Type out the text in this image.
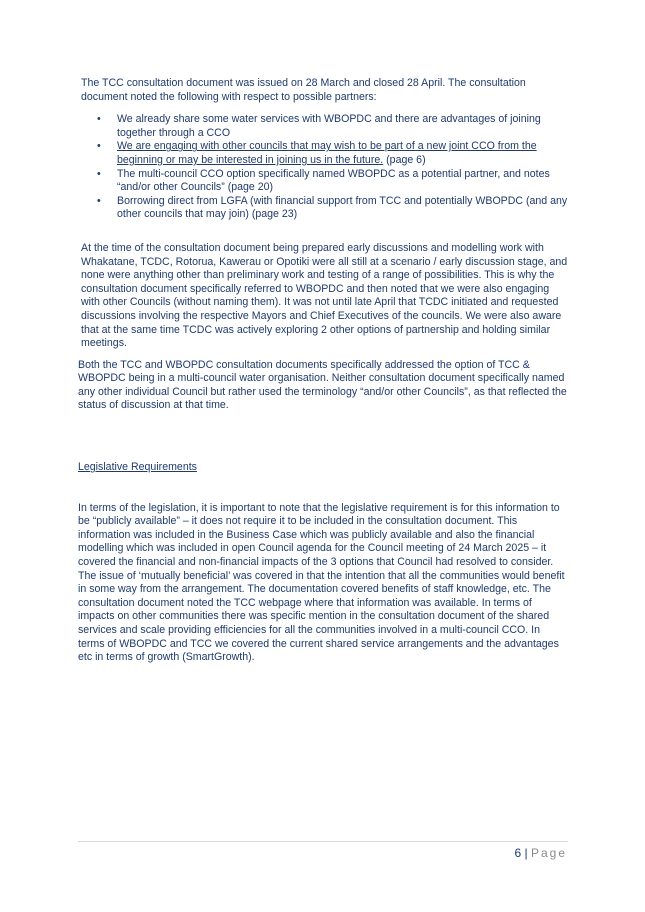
The TCC consultation document was issued on 28 March and closed 28 April. The consultation document noted the following with respect to possible partners:

• We already share some water services with WBOPDC and there are advantages of joining together through a CCO
• We are engaging with other councils that may wish to be part of a new joint CCO from the beginning or may be interested in joining us in the future. (page 6)
• The multi-council CCO option specifically named WBOPDC as a potential partner, and notes “and/or other Councils” (page 20)
• Borrowing direct from LGFA (with financial support from TCC and potentially WBOPDC (and any other councils that may join) (page 23)

At the time of the consultation document being prepared early discussions and modelling work with Whakatane, TCDC, Rotorua, Kawerau or Opotiki were all still at a scenario / early discussion stage, and none were anything other than preliminary work and testing of a range of possibilities. This is why the consultation document specifically referred to WBOPDC and then noted that we were also engaging with other Councils (without naming them). It was not until late April that TCDC initiated and requested discussions involving the respective Mayors and Chief Executives of the councils. We were also aware that at the same time TCDC was actively exploring 2 other options of partnership and holding similar meetings.

Both the TCC and WBOPDC consultation documents specifically addressed the option of TCC & WBOPDC being in a multi-council water organisation. Neither consultation document specifically named any other individual Council but rather used the terminology “and/or other Councils”, as that reflected the status of discussion at that time.

Legislative Requirements

In terms of the legislation, it is important to note that the legislative requirement is for this information to be “publicly available” – it does not require it to be included in the consultation document. This information was included in the Business Case which was publicly available and also the financial modelling which was included in open Council agenda for the Council meeting of 24 March 2025 – it covered the financial and non-financial impacts of the 3 options that Council had resolved to consider. The issue of ‘mutually beneficial’ was covered in that the intention that all the communities would benefit in some way from the arrangement. The documentation covered benefits of staff knowledge, etc. The consultation document noted the TCC webpage where that information was available. In terms of impacts on other communities there was specific mention in the consultation document of the shared services and scale providing efficiencies for all the communities involved in a multi-council CCO. In terms of WBOPDC and TCC we covered the current shared service arrangements and the advantages etc in terms of growth (SmartGrowth).

6 | Page
